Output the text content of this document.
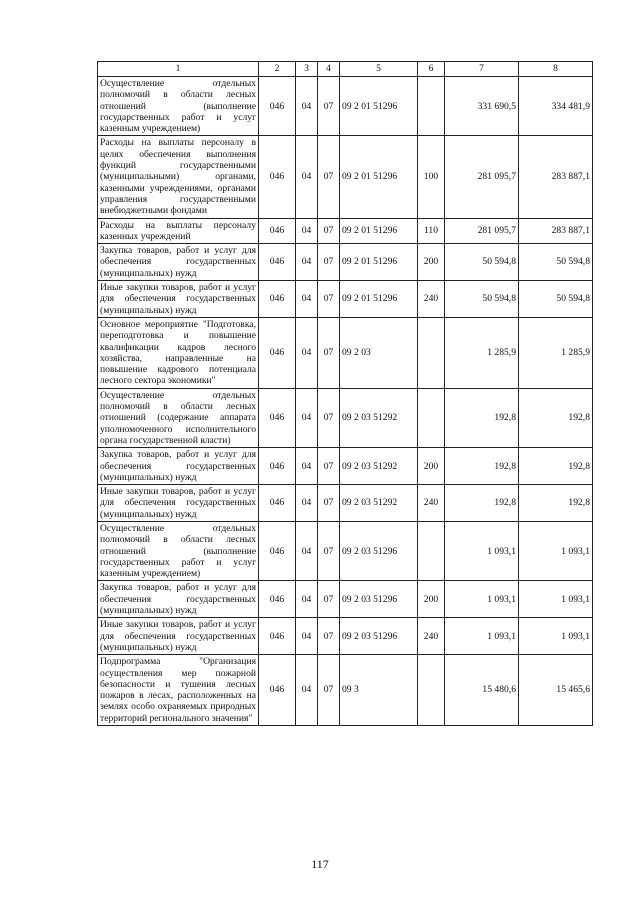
1	2	3	4	5	6	7	8
Осуществление отдельных полномочий в области лесных отношений (выполнение государственных работ и услуг казенным учреждением)	046	04	07	09 2 01 51296		331 690,5	334 481,9
Расходы на выплаты персоналу в целях обеспечения выполнения функций государственными (муниципальными) органами, казенными учреждениями, органами управления государственными внебюджетными фондами	046	04	07	09 2 01 51296	100	281 095,7	283 887,1
Расходы на выплаты персоналу казенных учреждений	046	04	07	09 2 01 51296	110	281 095,7	283 887,1
Закупка товаров, работ и услуг для обеспечения государственных (муниципальных) нужд	046	04	07	09 2 01 51296	200	50 594,8	50 594,8
Иные закупки товаров, работ и услуг для обеспечения государственных (муниципальных) нужд	046	04	07	09 2 01 51296	240	50 594,8	50 594,8
Основное мероприятие "Подготовка, переподготовка и повышение квалификации кадров лесного хозяйства, направленные на повышение кадрового потенциала лесного сектора экономики"	046	04	07	09 2 03		1 285,9	1 285,9
Осуществление отдельных полномочий в области лесных отношений (содержание аппарата уполномоченного исполнительного органа государственной власти)	046	04	07	09 2 03 51292		192,8	192,8
Закупка товаров, работ и услуг для обеспечения государственных (муниципальных) нужд	046	04	07	09 2 03 51292	200	192,8	192,8
Иные закупки товаров, работ и услуг для обеспечения государственных (муниципальных) нужд	046	04	07	09 2 03 51292	240	192,8	192,8
Осуществление отдельных полномочий в области лесных отношений (выполнение государственных работ и услуг казенным учреждением)	046	04	07	09 2 03 51296		1 093,1	1 093,1
Закупка товаров, работ и услуг для обеспечения государственных (муниципальных) нужд	046	04	07	09 2 03 51296	200	1 093,1	1 093,1
Иные закупки товаров, работ и услуг для обеспечения государственных (муниципальных) нужд	046	04	07	09 2 03 51296	240	1 093,1	1 093,1
Подпрограмма "Организация осуществления мер пожарной безопасности и тушения лесных пожаров в лесах, расположенных на землях особо охраняемых природных территорий регионального значения"	046	04	07	09 3		15 480,6	15 465,6
117
